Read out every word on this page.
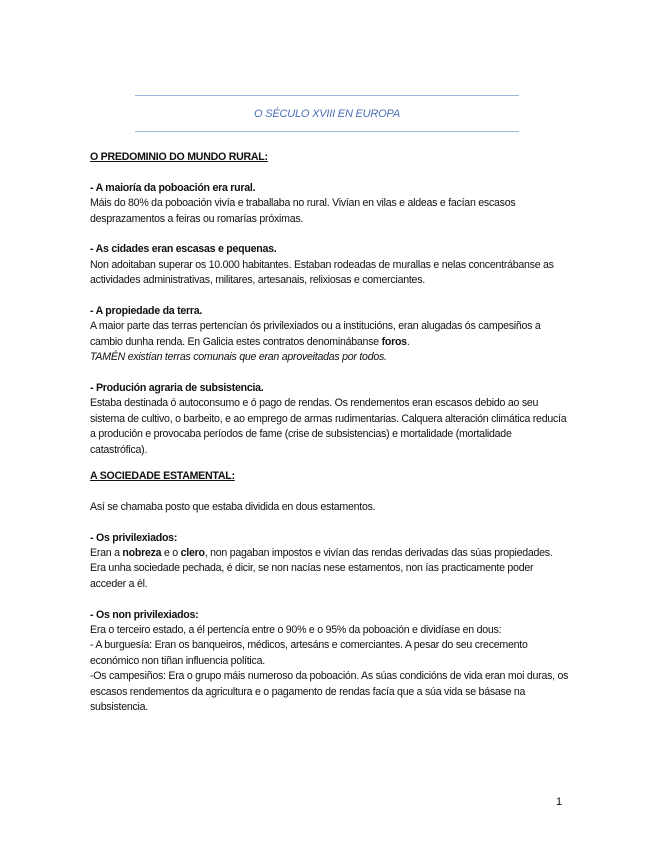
O SÉCULO XVIII EN EUROPA

O PREDOMINIO DO MUNDO RURAL:

- A maioría da poboación era rural.

Máis do 80% da poboación vivía e traballaba no rural. Vivían en vilas e aldeas e facían escasos desprazamentos a feiras ou romarías próximas.

- As cidades eran escasas e pequenas.

Non adoitaban superar os 10.000 habitantes. Estaban rodeadas de murallas e nelas concentrábanse as actividades administrativas, militares, artesanais, relixiosas e comerciantes.

- A propiedade da terra.

A maior parte das terras pertencían ós privilexiados ou a institucións, eran alugadas ós campesiños a cambio dunha renda. En Galicia estes contratos denominábanse foros.

TAMÉN existían terras comunais que eran aproveitadas por todos.

- Produción agraria de subsistencia.

Estaba destinada ó autoconsumo e ó pago de rendas. Os rendementos eran escasos debido ao seu sistema de cultivo, o barbeito, e ao emprego de armas rudimentarias. Calquera alteración climática reducía a produción e provocaba períodos de fame (crise de subsistencias) e mortalidade (mortalidade catastrófica).

A SOCIEDADE ESTAMENTAL:

Así se chamaba posto que estaba dividida en dous estamentos.

- Os privilexiados:

Eran a nobreza e o clero, non pagaban impostos e vivían das rendas derivadas das súas propiedades. Era unha sociedade pechada, é dicir, se non nacías nese estamentos, non ías practicamente poder acceder a él.

- Os non privilexiados:

Era o terceiro estado, a él pertencía entre o 90% e o 95% da poboación e dividíase en dous:

- A burguesía: Eran os banqueiros, médicos, artesáns e comerciantes. A pesar do seu crecemento económico non tiñan influencia política.

-Os campesiños: Era o grupo máis numeroso da poboación. As súas condicións de vida eran moi duras, os escasos rendementos da agricultura e o pagamento de rendas facía que a súa vida se básase na subsistencia.

1
